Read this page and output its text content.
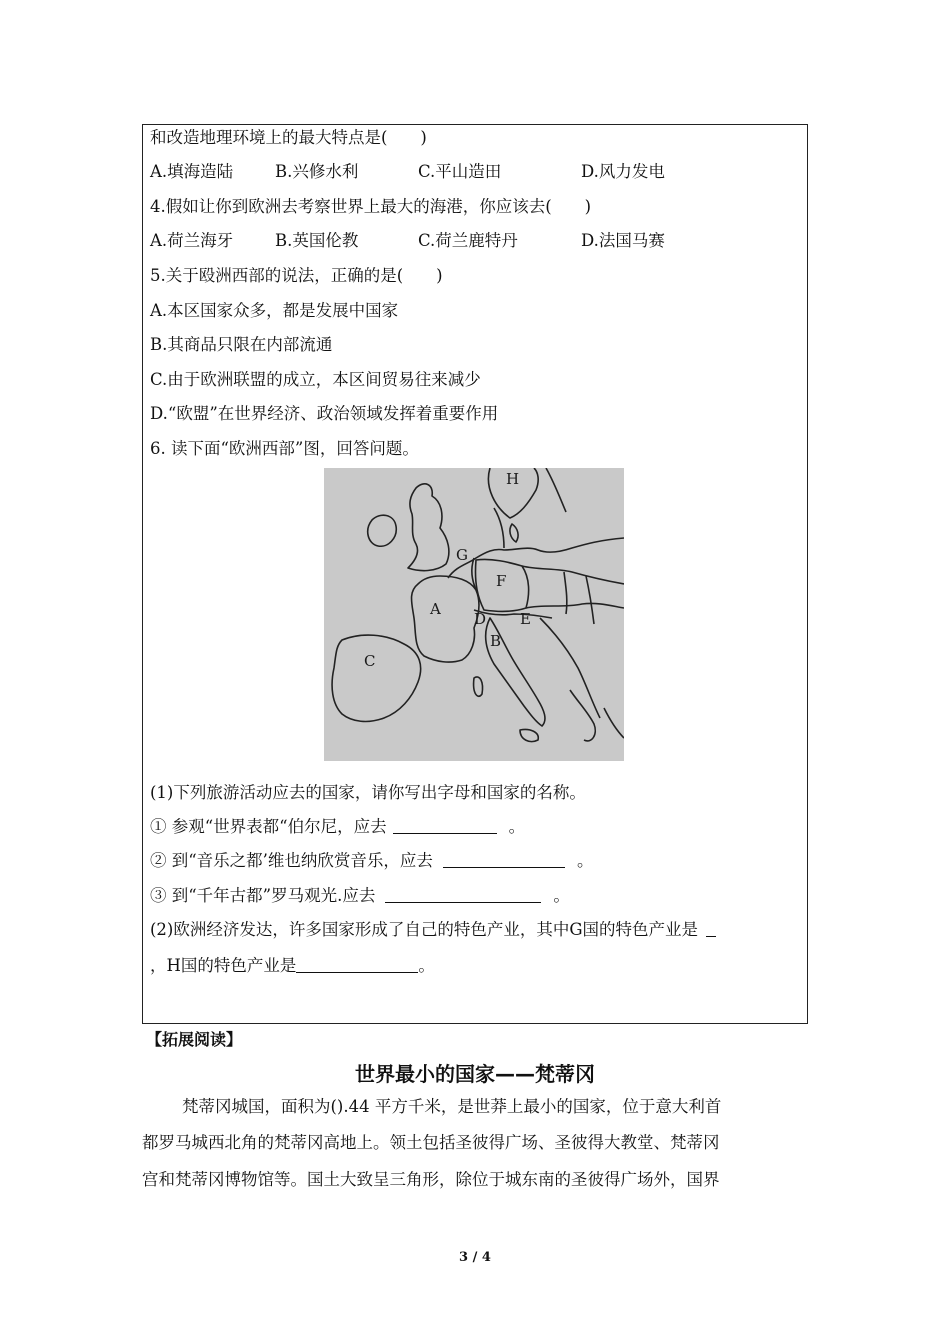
和改造地理环境上的最大特点是(　　)
A.填海造陆	B.兴修水利	C.平山造田	D.风力发电
4.假如让你到欧洲去考察世界上最大的海港，你应该去(　　)
A.荷兰海牙	B.英国伦教	C.荷兰鹿特丹	D.法国马赛
5.关于殴洲西部的说法，正确的是(　　)
A.本区国家众多，都是发展中国家
B.其商品只限在内部流通
C.由于欧洲联盟的成立，本区间贸易往来减少
D.“欧盟”在世界经济、政治领域发挥着重要作用
6. 读下面“欧洲西部”图，回答问题。
A
B
C
D E
F
G
H
(1)下列旅游活动应去的国家，请你写出字母和国家的名称。
① 参观“世界表都“伯尔尼，应去	。
② 到“音乐之都’维也纳欣赏音乐，应去	。
③ 到“千年古都”罗马观光.应去	。
(2)欧洲经济发达，许多国家形成了自己的特色产业，其中G国的特色产业是
，H国的特色产业是	。
【拓展阅读】
世界最小的国家——梵蒂冈
梵蒂冈城国，面积为().44 平方千米，是世莽上最小的国家，位于意大利首
都罗马城西北角的梵蒂冈高地上。领土包括圣彼得广场、圣彼得大教堂、梵蒂冈
宫和梵蒂冈博物馆等。国土大致呈三角形，除位于城东南的圣彼得广场外，国界
3 / 4
